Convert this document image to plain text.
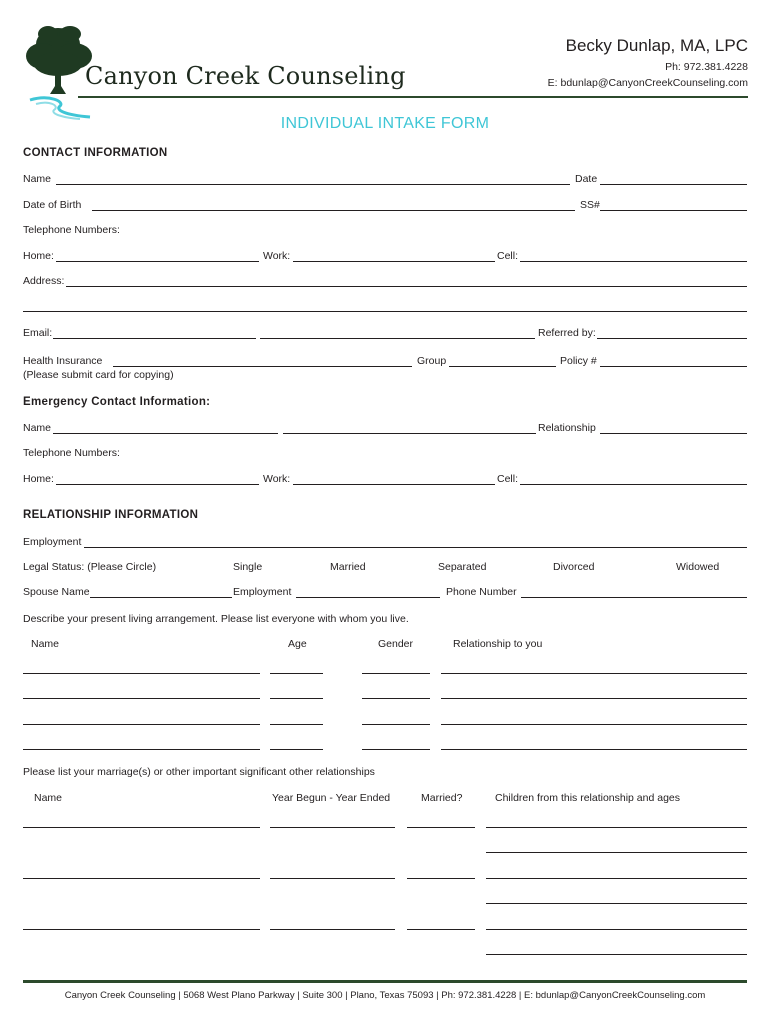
Canyon Creek Counseling
Becky Dunlap, MA, LPC
Ph: 972.381.4228
E: bdunlap@CanyonCreekCounseling.com
INDIVIDUAL INTAKE FORM
CONTACT INFORMATION
Name	Date
Date of Birth	SS#
Telephone Numbers:
Home:	Work:	Cell:
Address:
Email:	Referred by:
Health Insurance	Group	Policy #
(Please submit card for copying)
Emergency Contact Information:
Name	Relationship
Telephone Numbers:
Home:	Work:	Cell:
RELATIONSHIP INFORMATION
Employment
Legal Status: (Please Circle)	Single	Married	Separated	Divorced	Widowed
Spouse Name	Employment	Phone Number
Describe your present living arrangement. Please list everyone with whom you live.
Name	Age	Gender	Relationship to you
Please list your marriage(s) or other important significant other relationships
Name	Year Begun - Year Ended	Married?	Children from this relationship and ages
Canyon Creek Counseling | 5068 West Plano Parkway | Suite 300 | Plano, Texas 75093 | Ph: 972.381.4228 | E: bdunlap@CanyonCreekCounseling.com
